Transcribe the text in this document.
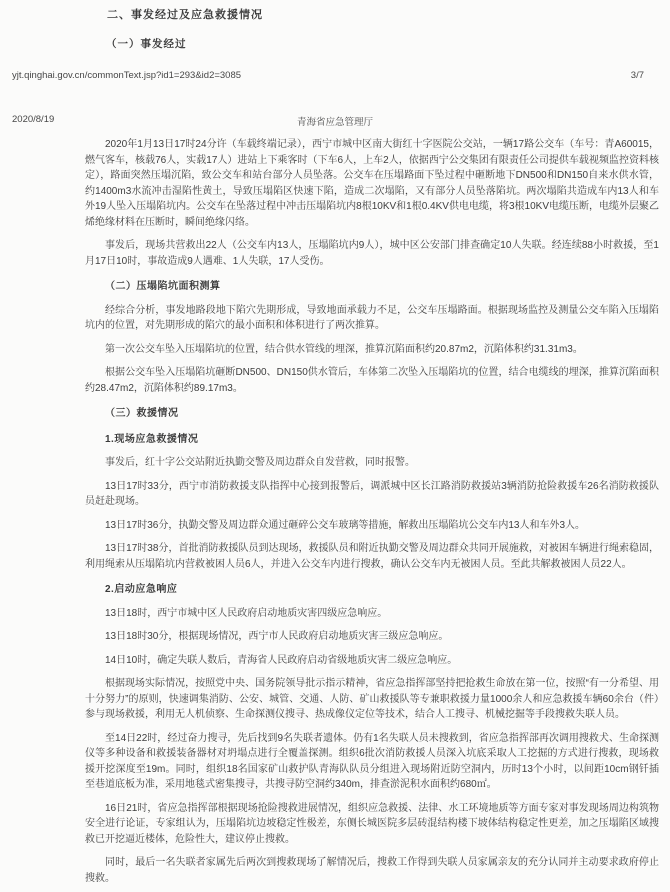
二、事发经过及应急救援情况
（一）事发经过
yjt.qinghai.gov.cn/commonText.jsp?id1=293&id2=3085	3/7
2020/8/19	青海省应急管理厅

2020年1月13日17时24分许（车载终端记录），西宁市城中区南大街红十字医院公交站，一辆17路公交车（车号：青A60015，燃气客车，核载76人，实载17人）进站上下乘客时（下车6人，上车2人，依据西宁公交集团有限责任公司提供车载视频监控资料核定），路面突然压塌沉陷，致公交车和站台部分人员坠落。公交车在压塌路面下坠过程中砸断地下DN500和DN150自来水供水管，约1400m3水流冲击湿陷性黄土，导致压塌陷区快速下陷，造成二次塌陷，又有部分人员坠落陷坑。两次塌陷共造成车内13人和车外19人坠入压塌陷坑内。公交车在坠落过程中冲击压塌陷坑内8根10KV和1根0.4KV供电电缆，将3根10KV电缆压断，电缆外层聚乙烯绝缘材料在压断时，瞬间绝缘闪络。

事发后，现场共营救出22人（公交车内13人，压塌陷坑内9人），城中区公安部门排查确定10人失联。经连续88小时救援，至1月17日10时，事故造成9人遇难、1人失联，17人受伤。

（二）压塌陷坑面积测算

经综合分析，事发地路段地下陷穴先期形成，导致地面承载力不足，公交车压塌路面。根据现场监控及测量公交车陷入压塌陷坑内的位置，对先期形成的陷穴的最小面积和体积进行了两次推算。

第一次公交车坠入压塌陷坑的位置，结合供水管线的埋深，推算沉陷面积约20.87m2，沉陷体积约31.31m3。

根据公交车坠入压塌陷坑砸断DN500、DN150供水管后，车体第二次坠入压塌陷坑的位置，结合电缆线的埋深，推算沉陷面积约28.47m2，沉陷体积约89.17m3。

（三）救援情况

1.现场应急救援情况

事发后，红十字公交站附近执勤交警及周边群众自发营救，同时报警。

13日17时33分，西宁市消防救援支队指挥中心接到报警后，调派城中区长江路消防救援站3辆消防抢险救援车26名消防救援队员赶赴现场。

13日17时36分，执勤交警及周边群众通过砸碎公交车玻璃等措施，解救出压塌陷坑公交车内13人和车外3人。

13日17时38分，首批消防救援队员到达现场，救援队员和附近执勤交警及周边群众共同开展施救，对被困车辆进行绳索稳固，利用绳索从压塌陷坑内营救被困人员6人，并进入公交车内进行搜救，确认公交车内无被困人员。至此共解救被困人员22人。

2.启动应急响应

13日18时，西宁市城中区人民政府启动地质灾害四级应急响应。

13日18时30分，根据现场情况，西宁市人民政府启动地质灾害三级应急响应。

14日10时，确定失联人数后，青海省人民政府启动省级地质灾害二级应急响应。

根据现场实际情况，按照党中央、国务院领导批示指示精神，省应急指挥部坚持把抢救生命放在第一位，按照“有一分希望、用十分努力”的原则，快速调集消防、公安、城管、交通、人防、矿山救援队等专兼职救援力量1000余人和应急救援车辆60余台（件）参与现场救援，利用无人机侦察、生命探测仪搜寻、热成像仪定位等技术，结合人工搜寻、机械挖掘等手段搜救失联人员。

至14日22时，经过奋力搜寻，先后找到9名失联者遗体。仍有1名失联人员未搜救到，省应急指挥部再次调用搜救犬、生命探测仪等多种设备和救援装备器材对坍塌点进行全覆盖探测。组织6批次消防救援人员深入坑底采取人工挖掘的方式进行搜救，现场救援开挖深度至19m。同时，组织18名国家矿山救护队青海队队员分组进入现场附近防空洞内，历时13个小时，以间距10cm钢钎插至巷道底板为准，采用地毯式密集搜寻，共搜寻防空洞约340m，排查淤泥积水面积约680㎡。

16日21时，省应急指挥部根据现场抢险搜救进展情况，组织应急救援、法律、水工环境地质等方面专家对事发现场周边构筑物安全进行论证，专家组认为，压塌陷坑边坡稳定性极差，东侧长城医院多层砖混结构楼下坡体结构稳定性更差，加之压塌陷区域搜救已开挖逼近楼体，危险性大，建议停止搜救。

同时，最后一名失联者家属先后两次到搜救现场了解情况后，搜救工作得到失联人员家属亲友的充分认同并主动要求政府停止搜救。
